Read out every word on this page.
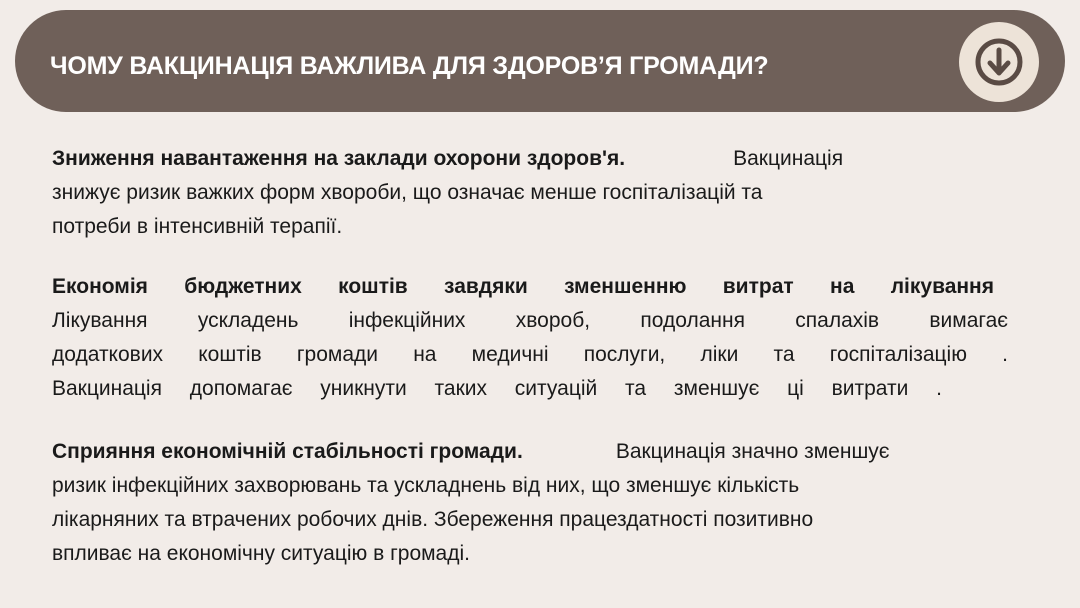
ЧОМУ ВАКЦИНАЦІЯ ВАЖЛИВА ДЛЯ ЗДОРОВ’Я ГРОМАДИ?
Зниження навантаження на заклади охорони здоров'я.	Вакцинація
знижує ризик важких форм хвороби, що означає менше госпіталізацій та
потреби в інтенсивній терапії.
Економія бюджетних коштів завдяки зменшенню витрат на лікування
Лікування ускладень інфекційних хвороб, подолання спалахів вимагає
додаткових коштів громади на медичні послуги, ліки та госпіталізацію .
Вакцинація допомагає уникнути таких ситуацій та зменшує ці витрати .
Сприяння економічній стабільності громади.	Вакцинація значно зменшує
ризик інфекційних захворювань та ускладнень від них, що зменшує кількість
лікарняних та втрачених робочих днів. Збереження працездатності позитивно
впливає на економічну ситуацію в громаді.
